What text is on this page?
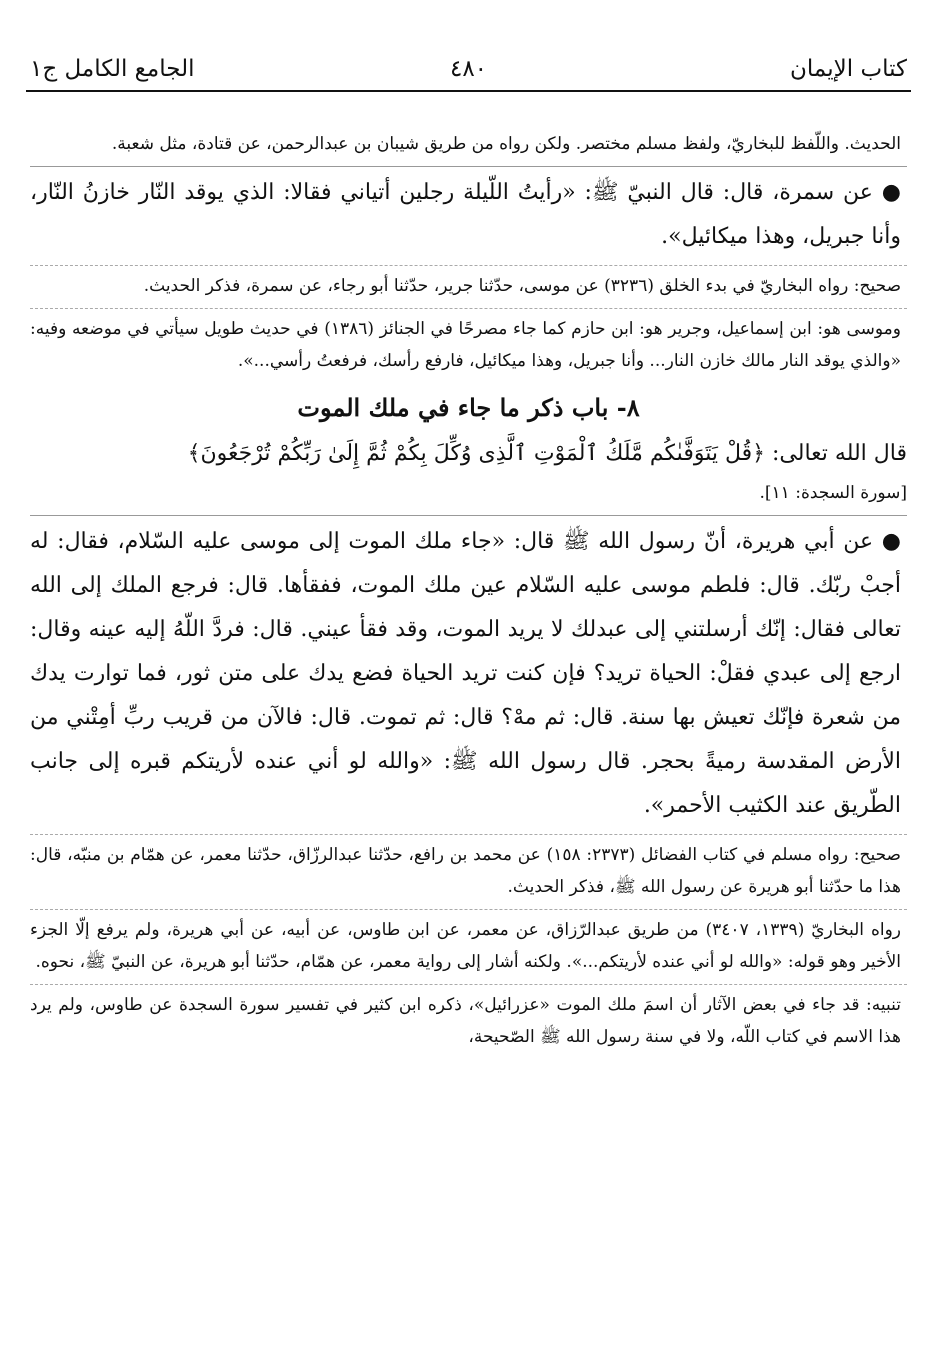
كتاب الإيمان
٤٨٠
الجامع الكامل ج١

الحديث. واللّفظ للبخاريّ، ولفظ مسلم مختصر. ولكن رواه من طريق شيبان بن عبدالرحمن، عن قتادة، مثل شعبة.

● عن سمرة، قال: قال النبيّ ﷺ: «رأيتُ اللّيلة رجلين أتياني فقالا: الذي يوقد النّار خازنُ النّار، وأنا جبريل، وهذا ميكائيل».

صحيح: رواه البخاريّ في بدء الخلق (٣٢٣٦) عن موسى، حدّثنا جرير، حدّثنا أبو رجاء، عن سمرة، فذكر الحديث.

وموسى هو: ابن إسماعيل، وجرير هو: ابن حازم كما جاء مصرحًا في الجنائز (١٣٨٦) في حديث طويل سيأتي في موضعه وفيه: «والذي يوقد النار مالك خازن النار... وأنا جبريل، وهذا ميكائيل، فارفع رأسك، فرفعتُ رأسي...».

٨- باب ذكر ما جاء في ملك الموت

قال الله تعالى: ﴿قُلْ يَتَوَفَّىٰكُم مَّلَكُ ٱلْمَوْتِ ٱلَّذِى وُكِّلَ بِكُمْ ثُمَّ إِلَىٰ رَبِّكُمْ تُرْجَعُونَ﴾

[سورة السجدة: ١١].

● عن أبي هريرة، أنّ رسول الله ﷺ قال: «جاء ملك الموت إلى موسى عليه السّلام، فقال: له أجبْ ربّك. قال: فلطم موسى عليه السّلام عين ملك الموت، ففقأها. قال: فرجع الملك إلى الله تعالى فقال: إنّك أرسلتني إلى عبدلك لا يريد الموت، وقد فقأ عيني. قال: فردَّ اللّهُ إليه عينه وقال: ارجع إلى عبدي فقلْ: الحياة تريد؟ فإن كنت تريد الحياة فضع يدك على متن ثور، فما توارت يدك من شعرة فإنّك تعيش بها سنة. قال: ثم مهْ؟ قال: ثم تموت. قال: فالآن من قريب ربِّ أمِتْني من الأرض المقدسة رميةً بحجر. قال رسول الله ﷺ: «والله لو أني عنده لأريتكم قبره إلى جانب الطّريق عند الكثيب الأحمر».

صحيح: رواه مسلم في كتاب الفضائل (٢٣٧٣: ١٥٨) عن محمد بن رافع، حدّثنا عبدالرزّاق، حدّثنا معمر، عن همّام بن منبّه، قال: هذا ما حدّثنا أبو هريرة عن رسول الله ﷺ، فذكر الحديث.

رواه البخاريّ (١٣٣٩، ٣٤٠٧) من طريق عبدالرّزاق، عن معمر، عن ابن طاوس، عن أبيه، عن أبي هريرة، ولم يرفع إلّا الجزء الأخير وهو قوله: «والله لو أني عنده لأريتكم...». ولكنه أشار إلى رواية معمر، عن همّام، حدّثنا أبو هريرة، عن النبيّ ﷺ، نحوه.

تنبيه: قد جاء في بعض الآثار أن اسمَ ملك الموت «عزرائيل»، ذكره ابن كثير في تفسير سورة السجدة عن طاوس، ولم يرد هذا الاسم في كتاب اللّه، ولا في سنة رسول الله ﷺ الصّحيحة،
